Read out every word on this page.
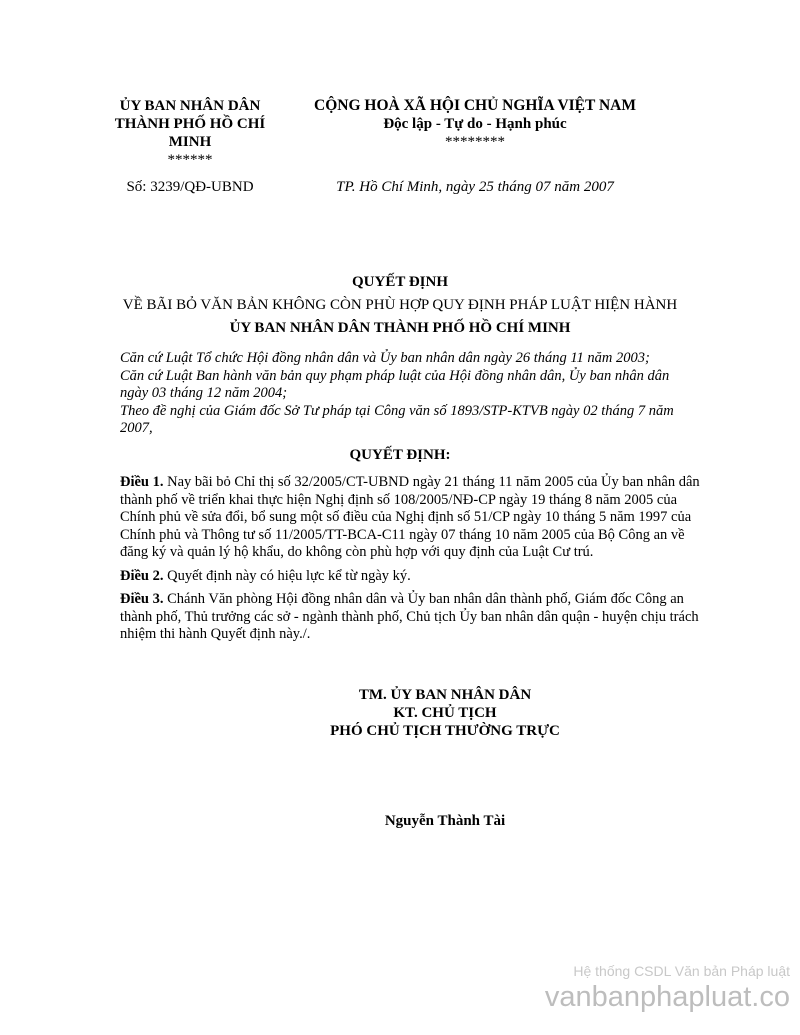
ỦY BAN NHÂN DÂN
THÀNH PHỐ HỒ CHÍ
MINH
******
CỘNG HOÀ XÃ HỘI CHỦ NGHĨA VIỆT NAM
Độc lập - Tự do - Hạnh phúc
********
Số: 3239/QĐ-UBND	TP. Hồ Chí Minh, ngày 25 tháng 07 năm 2007
QUYẾT ĐỊNH
VỀ BÃI BỎ VĂN BẢN KHÔNG CÒN PHÙ HỢP QUY ĐỊNH PHÁP LUẬT HIỆN HÀNH
ỦY BAN NHÂN DÂN THÀNH PHỐ HỒ CHÍ MINH
Căn cứ Luật Tổ chức Hội đồng nhân dân và Ủy ban nhân dân ngày 26 tháng 11 năm 2003;
Căn cứ Luật Ban hành văn bản quy phạm pháp luật của Hội đồng nhân dân, Ủy ban nhân dân ngày 03 tháng 12 năm 2004;
Theo đề nghị của Giám đốc Sở Tư pháp tại Công văn số 1893/STP-KTVB ngày 02 tháng 7 năm 2007,
QUYẾT ĐỊNH:
Điều 1. Nay bãi bỏ Chỉ thị số 32/2005/CT-UBND ngày 21 tháng 11 năm 2005 của Ủy ban nhân dân thành phố về triển khai thực hiện Nghị định số 108/2005/NĐ-CP ngày 19 tháng 8 năm 2005 của Chính phủ về sửa đổi, bổ sung một số điều của Nghị định số 51/CP ngày 10 tháng 5 năm 1997 của Chính phủ và Thông tư số 11/2005/TT-BCA-C11 ngày 07 tháng 10 năm 2005 của Bộ Công an về đăng ký và quản lý hộ khẩu, do không còn phù hợp với quy định của Luật Cư trú.
Điều 2. Quyết định này có hiệu lực kể từ ngày ký.
Điều 3. Chánh Văn phòng Hội đồng nhân dân và Ủy ban nhân dân thành phố, Giám đốc Công an thành phố, Thủ trưởng các sở - ngành thành phố, Chủ tịch Ủy ban nhân dân quận - huyện chịu trách nhiệm thi hành Quyết định này./.
TM. ỦY BAN NHÂN DÂN
KT. CHỦ TỊCH
PHÓ CHỦ TỊCH THƯỜNG TRỰC
Nguyễn Thành Tài
Hệ thống CSDL Văn bản Pháp luật
vanbanphapluat.co
